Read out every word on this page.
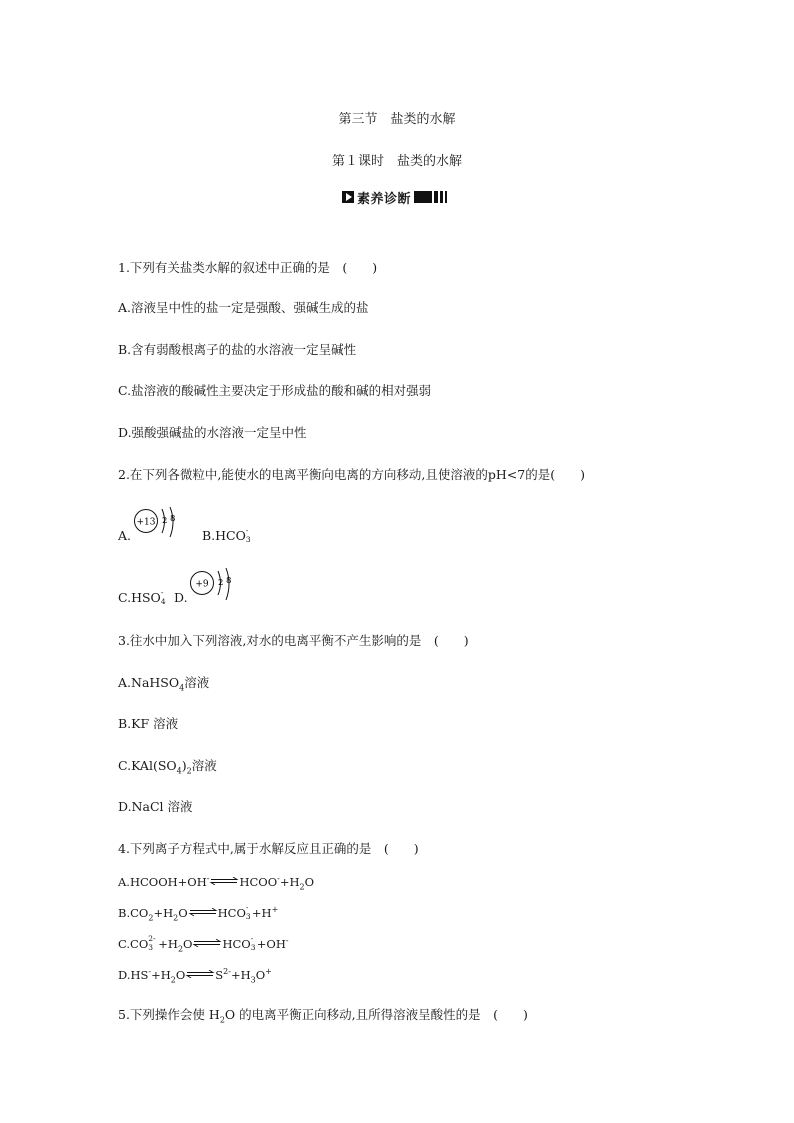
第三节　盐类的水解
第１课时　盐类的水解
素养诊断
1.下列有关盐类水解的叙述中正确的是　(　　)
A.溶液呈中性的盐一定是强酸、强碱生成的盐
B.含有弱酸根离子的盐的水溶液一定呈碱性
C.盐溶液的酸碱性主要决定于形成盐的酸和碱的相对强弱
D.强酸强碱盐的水溶液一定呈中性
2.在下列各微粒中,能使水的电离平衡向电离的方向移动,且使溶液的pH<7的是(　　)
A.
+13 2 8
B.HCO -
3
C.HSO -
4 D.
+9 2 8
3.往水中加入下列溶液,对水的电离平衡不产生影响的是　(　　)
A.NaHSO$_4$溶液
B.KF 溶液
$C.KAl(SO_4)_2$溶液
D.NaCl 溶液
4.下列离子方程式中,属于水解反应且正确的是　(　　)
$A.HCOOH+OH^-\rightleftharpoons HCOO^-+H_2O$
$B.CO_2+H_2O\rightleftharpoons HCO$ -
3 +H+
C.CO 2-
$3 +H_2O\rightleftharpoons HCO$ -
3 +OH-
$D.HS^-+H_2O\rightleftharpoons S^{2-}+H_3O^+$
5.下列操作会使 $H_2O$ 的电离平衡正向移动,且所得溶液呈酸性的是　(　　)
